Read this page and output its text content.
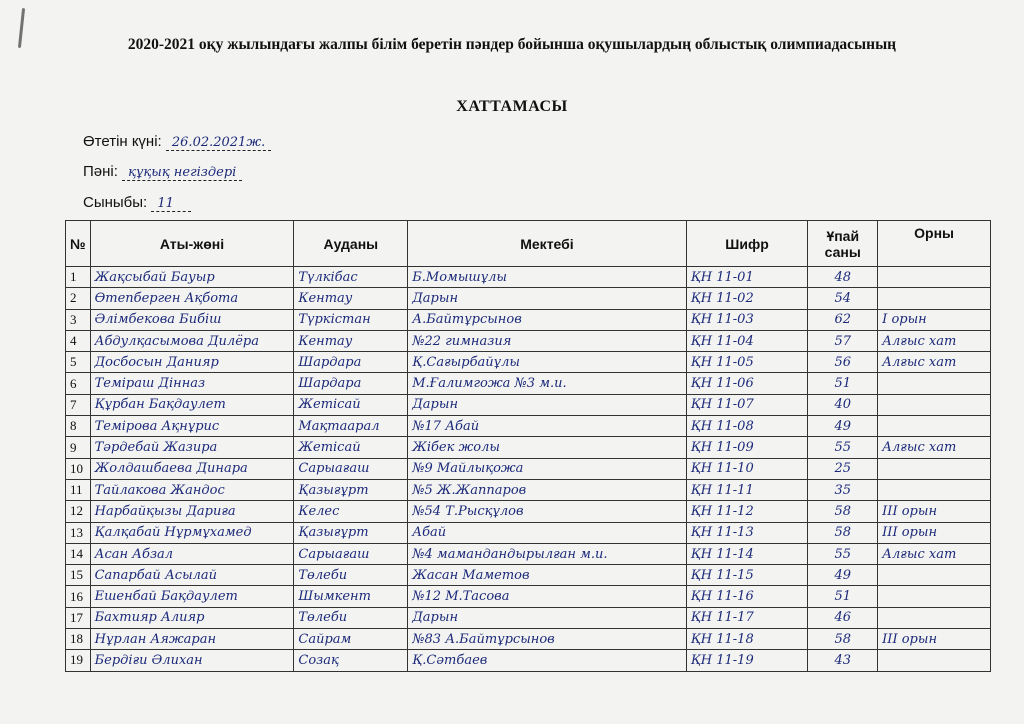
2020-2021 оқу жылындағы жалпы білім беретін пәндер бойынша оқушылардың облыстық олимпиадасының
ХАТТАМАСЫ
Өтетін күні: 26.02.2021ж.
Пәні: құқық негіздері
Сыныбы: 11
№	Аты-жөні	Ауданы	Мектебі	Шифр	Ұпай саны	Орны
1	Жақсыбай Бауыр	Түлкібас	Б.Момышұлы	ҚН 11-01	48	
2	Өтепберген Ақбота	Кентау	Дарын	ҚН 11-02	54	
3	Әлімбекова Бибіш	Түркістан	А.Байтұрсынов	ҚН 11-03	62	I орын
4	Абдулқасымова Дилёра	Кентау	№22 гимназия	ҚН 11-04	57	Алғыс хат
5	Досбосын Данияр	Шардара	Қ.Сағырбайұлы	ҚН 11-05	56	Алғыс хат
6	Теміраш Дінназ	Шардара	М.Ғалимгожа №3 м.и.	ҚН 11-06	51	
7	Құрбан Бақдаулет	Жетісай	Дарын	ҚН 11-07	40	
8	Темірова Ақнұрис	Мақтаарал	№17 Абай	ҚН 11-08	49	
9	Тәрдебай Жазира	Жетісай	Жібек жолы	ҚН 11-09	55	Алғыс хат
10	Жолдашбаева Динара	Сарыағаш	№9 Майлықожа	ҚН 11-10	25	
11	Тайлакова Жандос	Қазығұрт	№5 Ж.Жаппаров	ҚН 11-11	35	
12	Нарбайқызы Дариға	Келес	№54 Т.Рысқұлов	ҚН 11-12	58	III орын
13	Қалқабай Нұрмұхамед	Қазығұрт	Абай	ҚН 11-13	58	III орын
14	Асан Абзал	Сарыағаш	№4 мамандандырылған м.и.	ҚН 11-14	55	Алғыс хат
15	Сапарбай Асылай	Төлеби	Жасан Маметов	ҚН 11-15	49	
16	Ешенбай Бақдаулет	Шымкент	№12 М.Тасова	ҚН 11-16	51	
17	Бахтияр Алияр	Төлеби	Дарын	ҚН 11-17	46	
18	Нұрлан Аяжаран	Сайрам	№83 А.Байтұрсынов	ҚН 11-18	58	III орын
19	Бердіғи Әлихан	Созақ	Қ.Сәтбаев	ҚН 11-19	43	
